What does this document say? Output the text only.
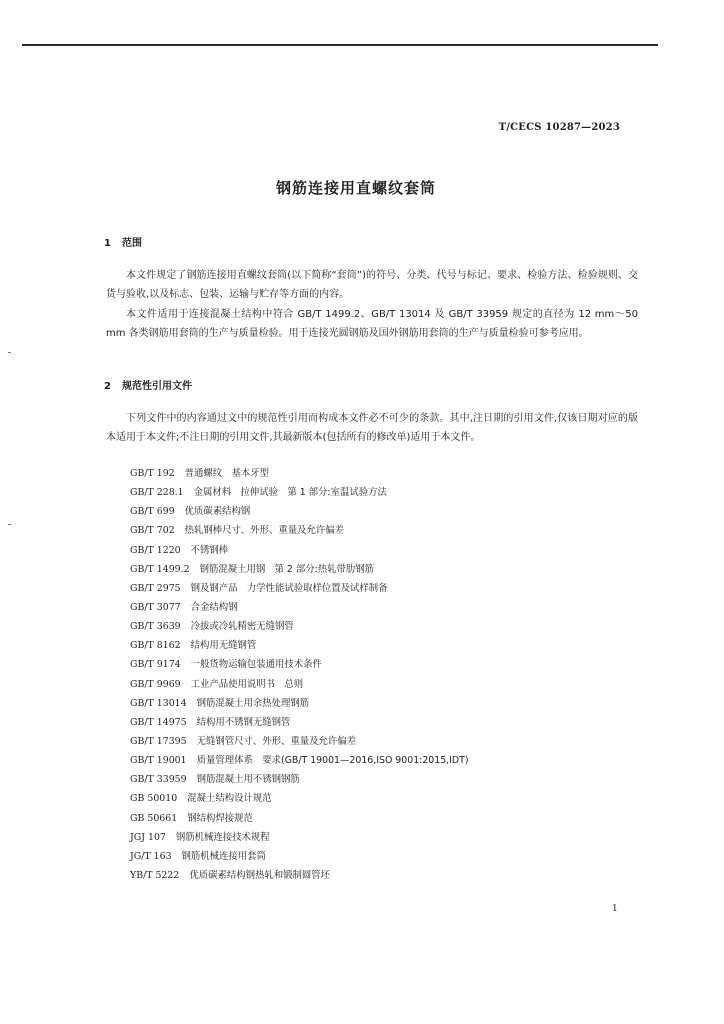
T/CECS 10287—2023
钢筋连接用直螺纹套筒
1 范围

本文件规定了钢筋连接用直螺纹套筒(以下简称“套筒”)的符号、分类、代号与标记、要求、检验方法、检验规则、交货与验收,以及标志、包装、运输与贮存等方面的内容。

本文件适用于连接混凝土结构中符合 GB/T 1499.2、GB/T 13014 及 GB/T 33959 规定的直径为 12 mm～50 mm 各类钢筋用套筒的生产与质量检验。用于连接光圆钢筋及国外钢筋用套筒的生产与质量检验可参考应用。

2 规范性引用文件

下列文件中的内容通过文中的规范性引用而构成本文件必不可少的条款。其中,注日期的引用文件,仅该日期对应的版本适用于本文件;不注日期的引用文件,其最新版本(包括所有的修改单)适用于本文件。

GB/T 192 普通螺纹　基本牙型
GB/T 228.1 金属材料　拉伸试验　第 1 部分:室温试验方法
GB/T 699 优质碳素结构钢
GB/T 702 热轧钢棒尺寸、外形、重量及允许偏差
GB/T 1220 不锈钢棒
GB/T 1499.2 钢筋混凝土用钢　第 2 部分:热轧带肋钢筋
GB/T 2975 钢及钢产品　力学性能试验取样位置及试样制备
GB/T 3077 合金结构钢
GB/T 3639 冷拔或冷轧精密无缝钢管
GB/T 8162 结构用无缝钢管
GB/T 9174 一般货物运输包装通用技术条件
GB/T 9969 工业产品使用说明书　总则
GB/T 13014 钢筋混凝土用余热处理钢筋
GB/T 14975 结构用不锈钢无缝钢管
GB/T 17395 无缝钢管尺寸、外形、重量及允许偏差
GB/T 19001 质量管理体系　要求(GB/T 19001—2016,ISO 9001:2015,IDT)
GB/T 33959 钢筋混凝土用不锈钢钢筋
GB 50010 混凝土结构设计规范
GB 50661 钢结构焊接规范
JGJ 107 钢筋机械连接技术规程
JG/T 163 钢筋机械连接用套筒
YB/T 5222 优质碳素结构钢热轧和锻制圆管坯
1
